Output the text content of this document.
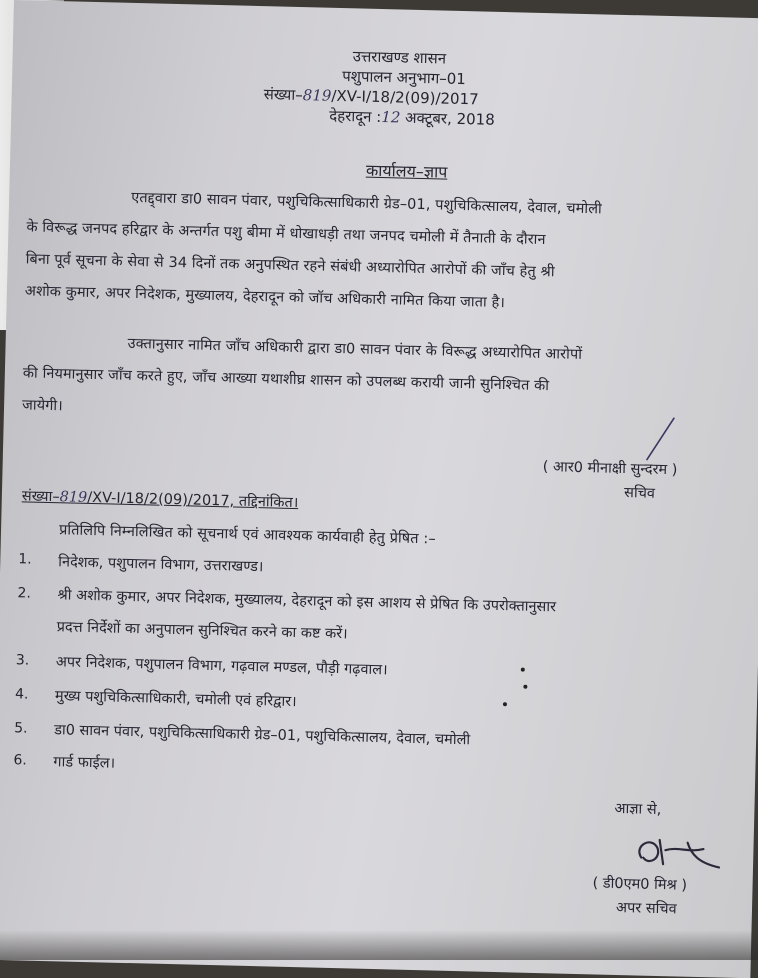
उत्तराखण्ड शासन
पशुपालन अनुभाग–01
संख्या–819/XV-I/18/2(09)/2017
देहरादून :12 अक्टूबर, 2018
कार्यालय–ज्ञाप
एतद्द्वारा डा0 सावन पंवार, पशुचिकित्साधिकारी ग्रेड–01, पशुचिकित्सालय, देवाल, चमोली
के विरूद्ध जनपद हरिद्वार के अन्तर्गत पशु बीमा में धोखाधड़ी तथा जनपद चमोली में तैनाती के दौरान
बिना पूर्व सूचना के सेवा से 34 दिनों तक अनुपस्थित रहने संबंधी अध्यारोपित आरोपों की जाँच हेतु श्री
अशोक कुमार, अपर निदेशक, मुख्यालय, देहरादून को जॉच अधिकारी नामित किया जाता है।
उक्तानुसार नामित जाँच अधिकारी द्वारा डा0 सावन पंवार के विरूद्ध अध्यारोपित आरोपों
की नियमानुसार जाँच करते हुए, जाँच आख्या यथाशीघ्र शासन को उपलब्ध करायी जानी सुनिश्चित की
जायेगी।
( आर0 मीनाक्षी सुन्दरम )
सचिव
संख्या–819/XV-I/18/2(09)/2017, तद्दिनांकित।
प्रतिलिपि निम्नलिखित को सूचनार्थ एवं आवश्यक कार्यवाही हेतु प्रेषित :–
1. निदेशक, पशुपालन विभाग, उत्तराखण्ड।
2. श्री अशोक कुमार, अपर निदेशक, मुख्यालय, देहरादून को इस आशय से प्रेषित कि उपरोक्तानुसार
प्रदत्त निर्देशों का अनुपालन सुनिश्चित करने का कष्ट करें।
3. अपर निदेशक, पशुपालन विभाग, गढ़वाल मण्डल, पौड़ी गढ़वाल।
4. मुख्य पशुचिकित्साधिकारी, चमोली एवं हरिद्वार।
5. डा0 सावन पंवार, पशुचिकित्साधिकारी ग्रेड–01, पशुचिकित्सालय, देवाल, चमोली
6. गार्ड फाईल।
आज्ञा से,
( डी0एम0 मिश्र )
अपर सचिव
